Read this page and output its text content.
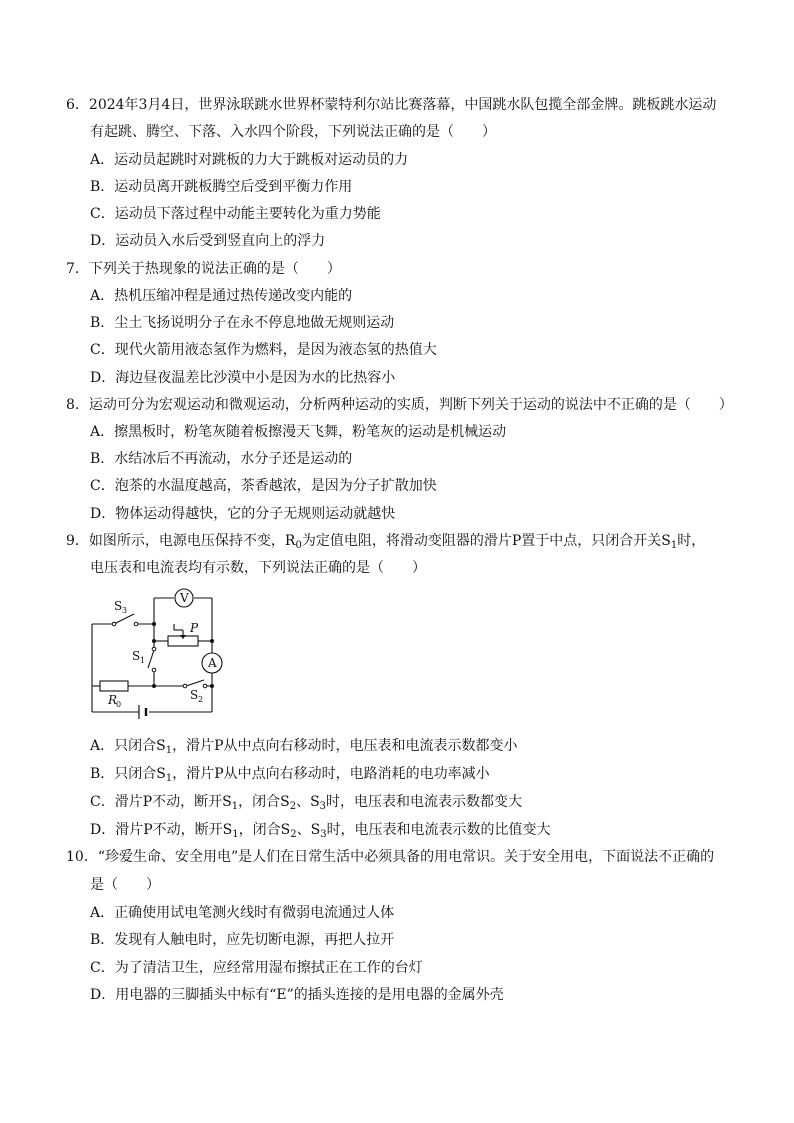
6．2024年3月4日，世界泳联跳水世界杯蒙特利尔站比赛落幕，中国跳水队包揽全部金牌。跳板跳水运动
有起跳、腾空、下落、入水四个阶段，下列说法正确的是（　　）
A．运动员起跳时对跳板的力大于跳板对运动员的力
B．运动员离开跳板腾空后受到平衡力作用
C．运动员下落过程中动能主要转化为重力势能
D．运动员入水后受到竖直向上的浮力
7．下列关于热现象的说法正确的是（　　）
A．热机压缩冲程是通过热传递改变内能的
B．尘土飞扬说明分子在永不停息地做无规则运动
C．现代火箭用液态氢作为燃料，是因为液态氢的热值大
D．海边昼夜温差比沙漠中小是因为水的比热容小
8．运动可分为宏观运动和微观运动，分析两种运动的实质，判断下列关于运动的说法中不正确的是（　　）
A．擦黑板时，粉笔灰随着板擦漫天飞舞，粉笔灰的运动是机械运动
B．水结冰后不再流动，水分子还是运动的
C．泡茶的水温度越高，茶香越浓，是因为分子扩散加快
D．物体运动得越快，它的分子无规则运动就越快
9．如图所示，电源电压保持不变，$R_0$为定值电阻，将滑动变阻器的滑片P置于中点，只闭合开关$S_1$时，
电压表和电流表均有示数，下列说法正确的是（　　）
V
A
P
S 3
S 1
S 2
R
0
A．只闭合$S_1$，滑片P从中点向右移动时，电压表和电流表示数都变小
B．只闭合$S_1$，滑片P从中点向右移动时，电路消耗的电功率减小
C．滑片P不动，断开$S_1$，闭合$S_2$、$S_3$时，电压表和电流表示数都变大
D．滑片P不动，断开$S_1$，闭合$S_2$、$S_3$时，电压表和电流表示数的比值变大
10．“珍爱生命、安全用电”是人们在日常生活中必须具备的用电常识。关于安全用电，下面说法不正确的
是（　　）
A．正确使用试电笔测火线时有微弱电流通过人体
B．发现有人触电时，应先切断电源，再把人拉开
C．为了清洁卫生，应经常用湿布擦拭正在工作的台灯
D．用电器的三脚插头中标有“E”的插头连接的是用电器的金属外壳
